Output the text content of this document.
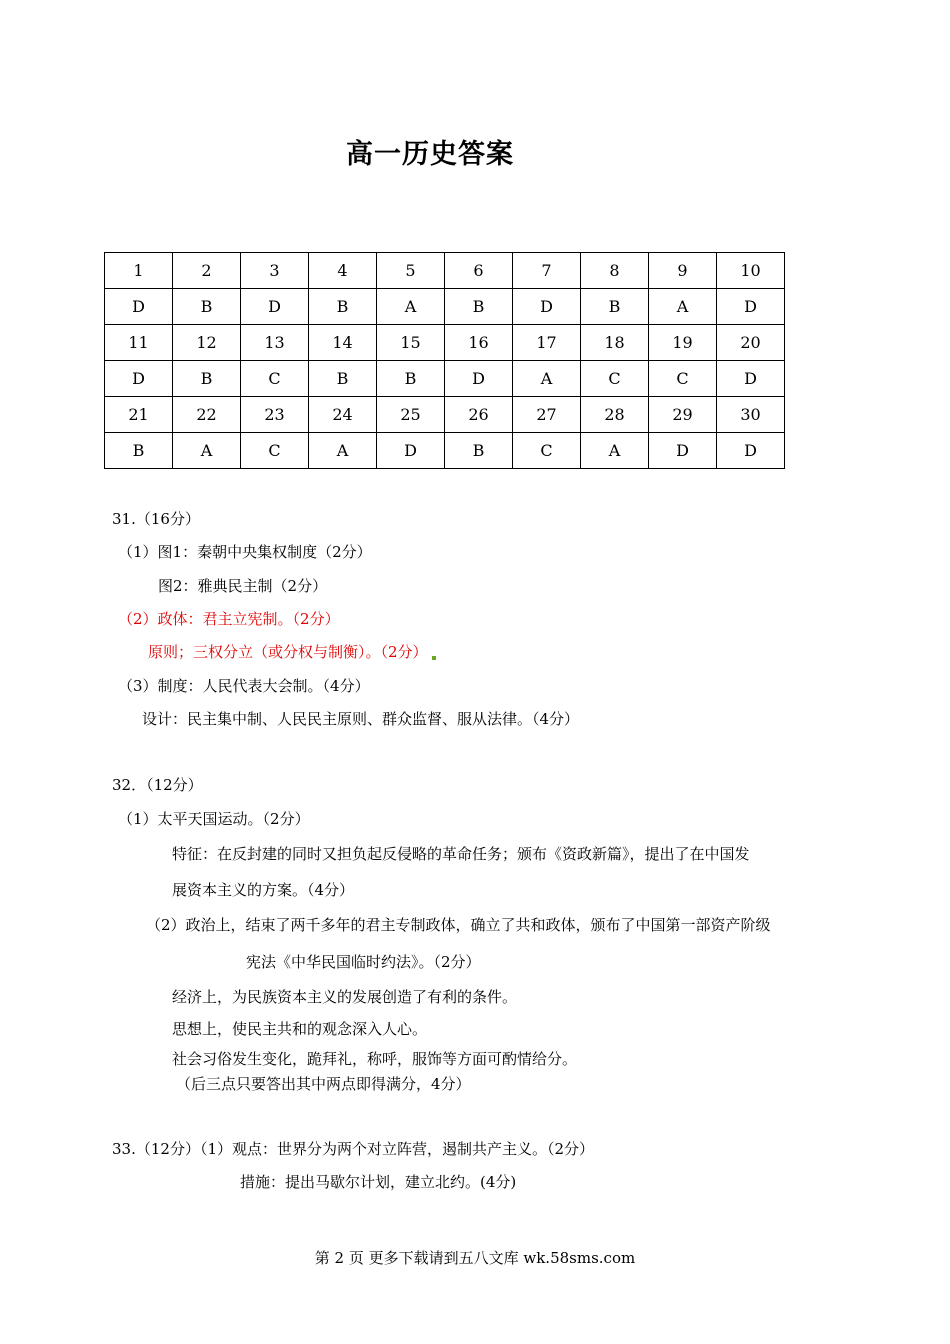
高一历史答案
1	2	3	4	5	6	7	8	9	10
D	B	D	B	A	B	D	B	A	D
11	12	13	14	15	16	17	18	19	20
D	B	C	B	B	D	A	C	C	D
21	22	23	24	25	26	27	28	29	30
B	A	C	A	D	B	C	A	D	D
31.（16分）
（1）图1：秦朝中央集权制度（2分）
图2：雅典民主制（2分）
（2）政体：君主立宪制。（2分）
原则；三权分立（或分权与制衡）。（2分）
（3）制度：人民代表大会制。（4分）
设计：民主集中制、人民民主原则、群众监督、服从法律。（4分）
32．（12分）
（1）太平天国运动。（2分）
特征：在反封建的同时又担负起反侵略的革命任务；颁布《资政新篇》，提出了在中国发
展资本主义的方案。（4分）
（2）政治上，结束了两千多年的君主专制政体，确立了共和政体，颁布了中国第一部资产阶级
宪法《中华民国临时约法》。（2分）
经济上，为民族资本主义的发展创造了有利的条件。
思想上，使民主共和的观念深入人心。
社会习俗发生变化，跪拜礼，称呼，服饰等方面可酌情给分。
（后三点只要答出其中两点即得满分，4分）
33.（12分）（1）观点：世界分为两个对立阵营，遏制共产主义。（2分）
措施：提出马歇尔计划，建立北约。(4分)
第 2 页 更多下载请到五八文库 wk.58sms.com
